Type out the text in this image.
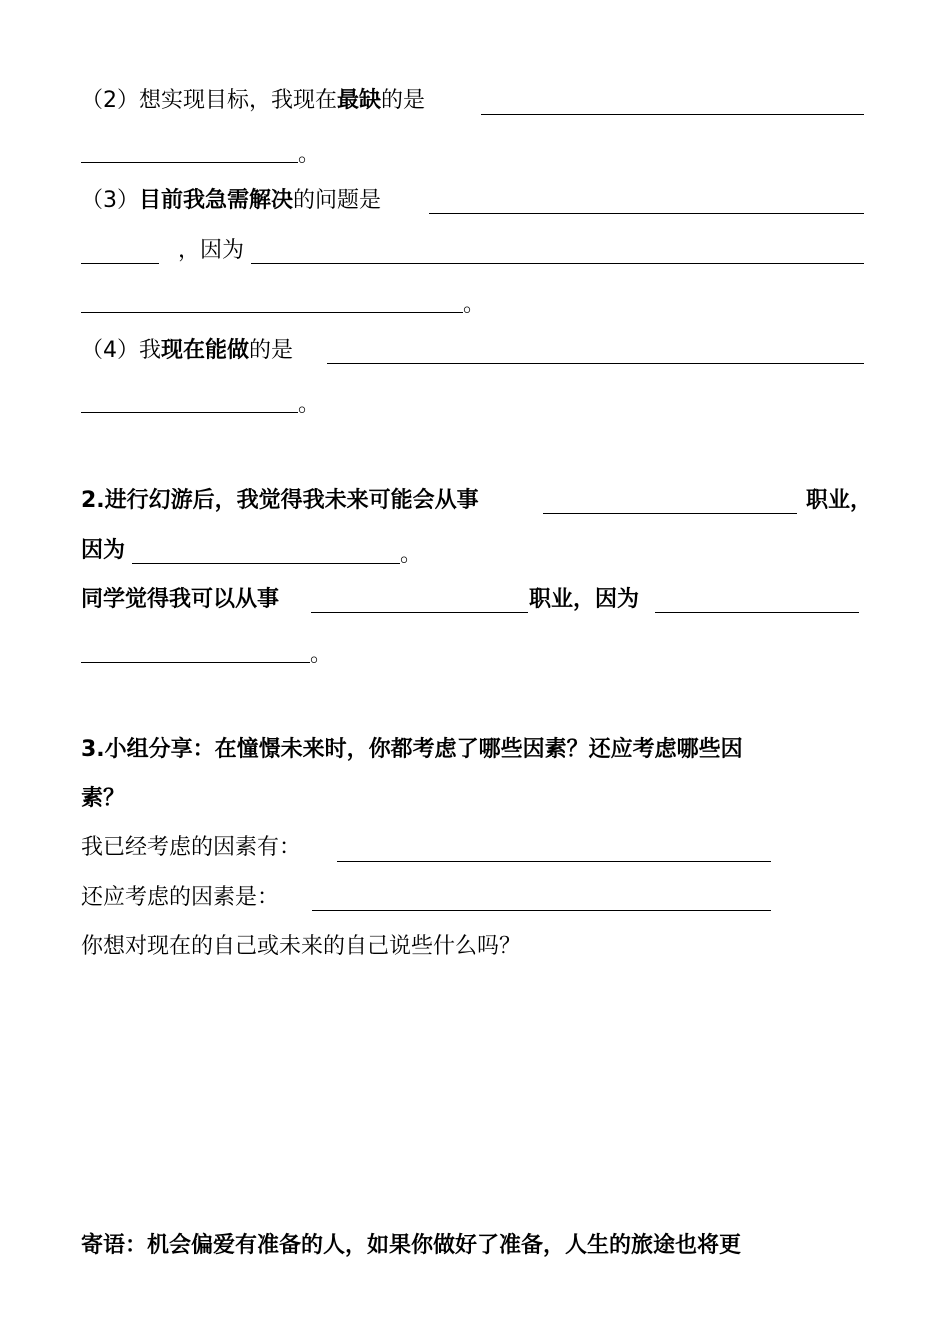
（2）想实现目标，我现在最缺的是
。
（3）目前我急需解决的问题是
，因为
。
（4）我现在能做的是
。
2.进行幻游后，我觉得我未来可能会从事	职业，
因为	。
同学觉得我可以从事	职业，因为
。
3.小组分享：在憧憬未来时，你都考虑了哪些因素？还应考虑哪些因
素？
我已经考虑的因素有：
还应考虑的因素是：
你想对现在的自己或未来的自己说些什么吗？
寄语：机会偏爱有准备的人，如果你做好了准备，人生的旅途也将更
